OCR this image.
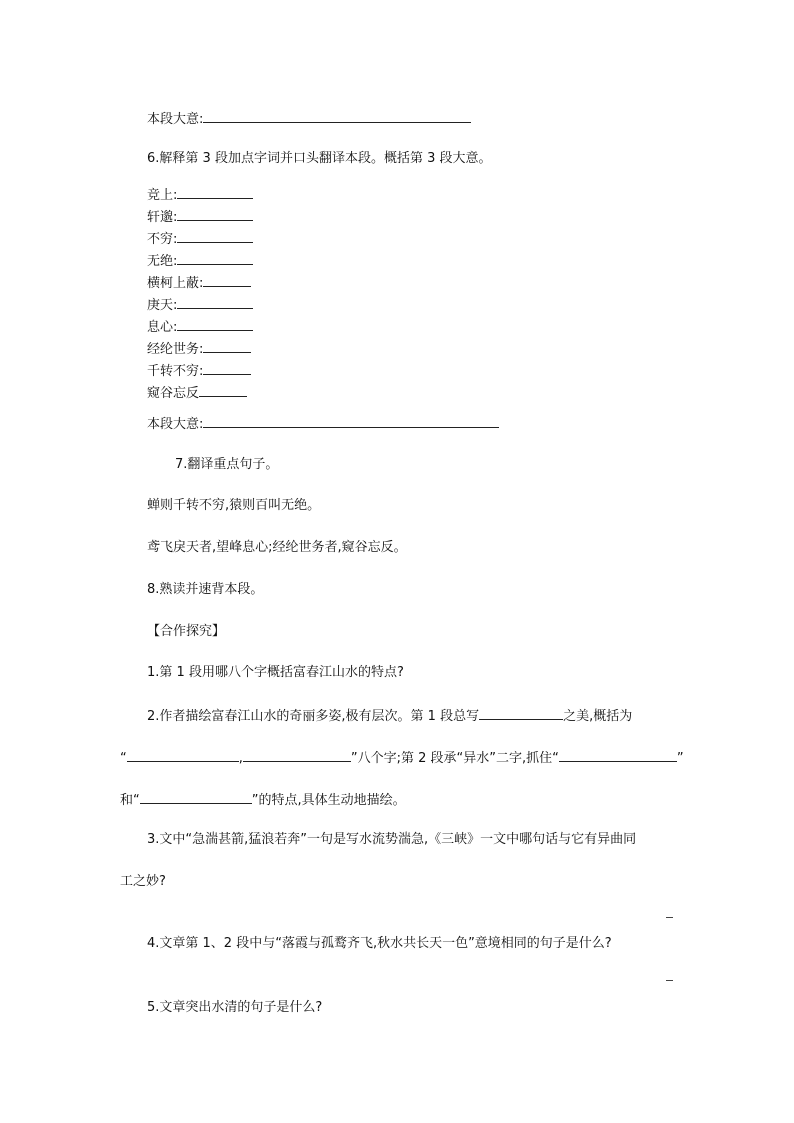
本段大意:
6.解释第 3 段加点字词并口头翻译本段。概括第 3 段大意。
竞上:
轩邈:
不穷:
无绝:
横柯上蔽:
庚天:
息心:
经纶世务:
千转不穷:
窥谷忘反
本段大意:
7.翻译重点句子。
蝉则千转不穷,猿则百叫无绝。
鸢飞戾天者,望峰息心;经纶世务者,窥谷忘反。
8.熟读并速背本段。
【合作探究】
1.第 1 段用哪八个字概括富春江山水的特点?
2.作者描绘富春江山水的奇丽多姿,极有层次。第 1 段总写	之美,概括为
“	,	”八个字;第 2 段承“异水”二字,抓住“	”
和“	”的特点,具体生动地描绘。
3.文中“急湍甚箭,猛浪若奔”一句是写水流势湍急,《三峡》一文中哪句话与它有异曲同
工之妙?
4.文章第 1、2 段中与“落霞与孤鹜齐飞,秋水共长天一色”意境相同的句子是什么?
5.文章突出水清的句子是什么?
